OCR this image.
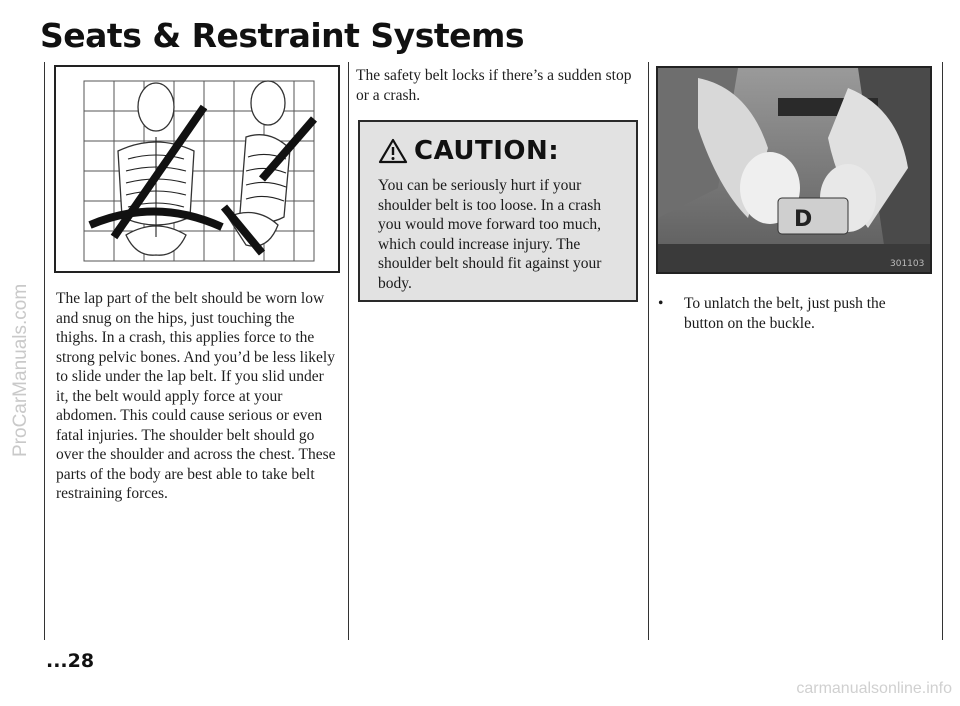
Seats & Restraint Systems
ProCarManuals.com	The lap part of the belt should be worn low and snug on the hips, just touching the thighs. In a crash, this applies force to the strong pelvic bones. And you’d be less likely to slide under the lap belt. If you slid under it, the belt would apply force at your abdomen. This could cause serious or even fatal injuries. The shoulder belt should go over the shoulder and across the chest. These parts of the body are best able to take belt restraining forces.
The safety belt locks if there’s a sudden stop or a crash.
CAUTION:
You can be seriously hurt if your shoulder belt is too loose. In a crash you would move forward too much, which could increase injury. The shoulder belt should fit against your body.
D
301103
•	To unlatch the belt, just push the button on the buckle.
...28
carmanualsonline.info
